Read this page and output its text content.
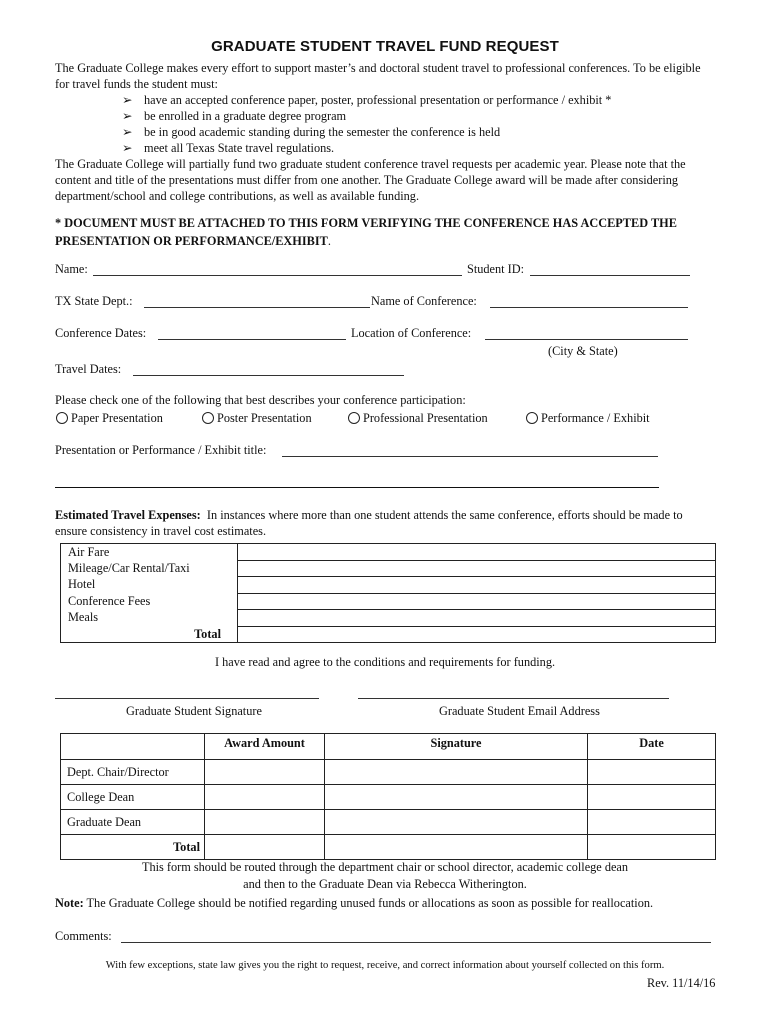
GRADUATE STUDENT TRAVEL FUND REQUEST
The Graduate College makes every effort to support master’s and doctoral student travel to professional conferences. To be eligible for travel funds the student must:
➢ have an accepted conference paper, poster, professional presentation or performance / exhibit *
➢ be enrolled in a graduate degree program
➢ be in good academic standing during the semester the conference is held
➢ meet all Texas State travel regulations.
The Graduate College will partially fund two graduate student conference travel requests per academic year. Please note that the content and title of the presentations must differ from one another. The Graduate College award will be made after considering department/school and college contributions, as well as available funding.
* DOCUMENT MUST BE ATTACHED TO THIS FORM VERIFYING THE CONFERENCE HAS ACCEPTED THE PRESENTATION OR PERFORMANCE/EXHIBIT.
Name:	Student ID:
TX State Dept.:	Name of Conference:
Conference Dates:	Location of Conference:
(City & State)
Travel Dates:
Please check one of the following that best describes your conference participation:
Paper Presentation	Poster Presentation	Professional Presentation	Performance / Exhibit
Presentation or Performance / Exhibit title:
Estimated Travel Expenses: In instances where more than one student attends the same conference, efforts should be made to ensure consistency in travel cost estimates.
Air Fare	
Mileage/Car Rental/Taxi	
Hotel	
Conference Fees	
Meals	
Total	
I have read and agree to the conditions and requirements for funding.
Graduate Student Signature	Graduate Student Email Address
	Award Amount	Signature	Date
Dept. Chair/Director			
College Dean			
Graduate Dean			
Total			
This form should be routed through the department chair or school director, academic college dean
and then to the Graduate Dean via Rebecca Witherington.
Note: The Graduate College should be notified regarding unused funds or allocations as soon as possible for reallocation.
Comments:
With few exceptions, state law gives you the right to request, receive, and correct information about yourself collected on this form.
Rev. 11/14/16
